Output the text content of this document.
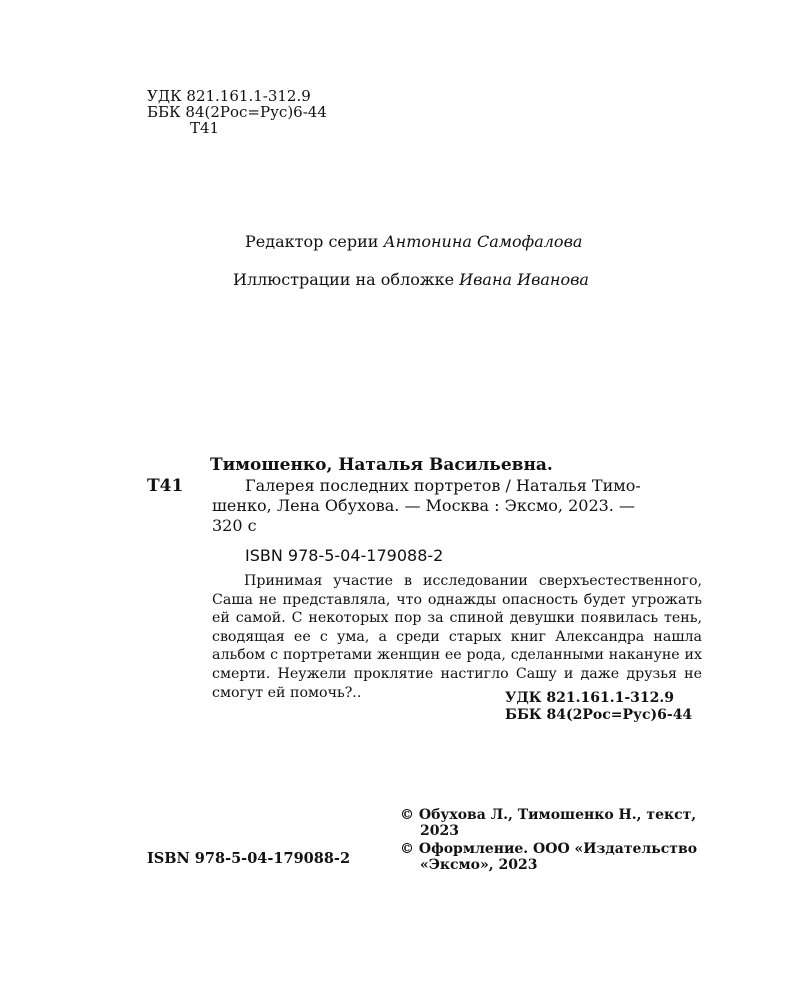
УДК 821.161.1-312.9
ББК 84(2Рос=Рус)6-44
Т41
Редактор серии Антонина Самофалова
Иллюстрации на обложке Ивана Иванова
Тимошенко, Наталья Васильевна.
Т41	Галерея последних портретов / Наталья Тимо-
шенко, Лена Обухова. — Москва : Эксмо, 2023. —
320 с
ISBN 978-5-04-179088-2

Принимая участие в исследовании сверхъестественного, Саша не представляла, что однажды опасность будет угрожать ей самой. С некоторых пор за спиной девушки появилась тень, сводящая ее с ума, а среди старых книг Александра нашла альбом с портретами женщин ее рода, сделанными накануне их смерти. Неужели проклятие настигло Сашу и даже друзья не смогут ей помочь?..	УДК 821.161.1-312.9
ББК 84(2Рос=Рус)6-44
ISBN 978-5-04-179088-2
© Обухова Л., Тимошенко Н., текст, 2023
© Оформление. ООО «Издательство «Эксмо», 2023
